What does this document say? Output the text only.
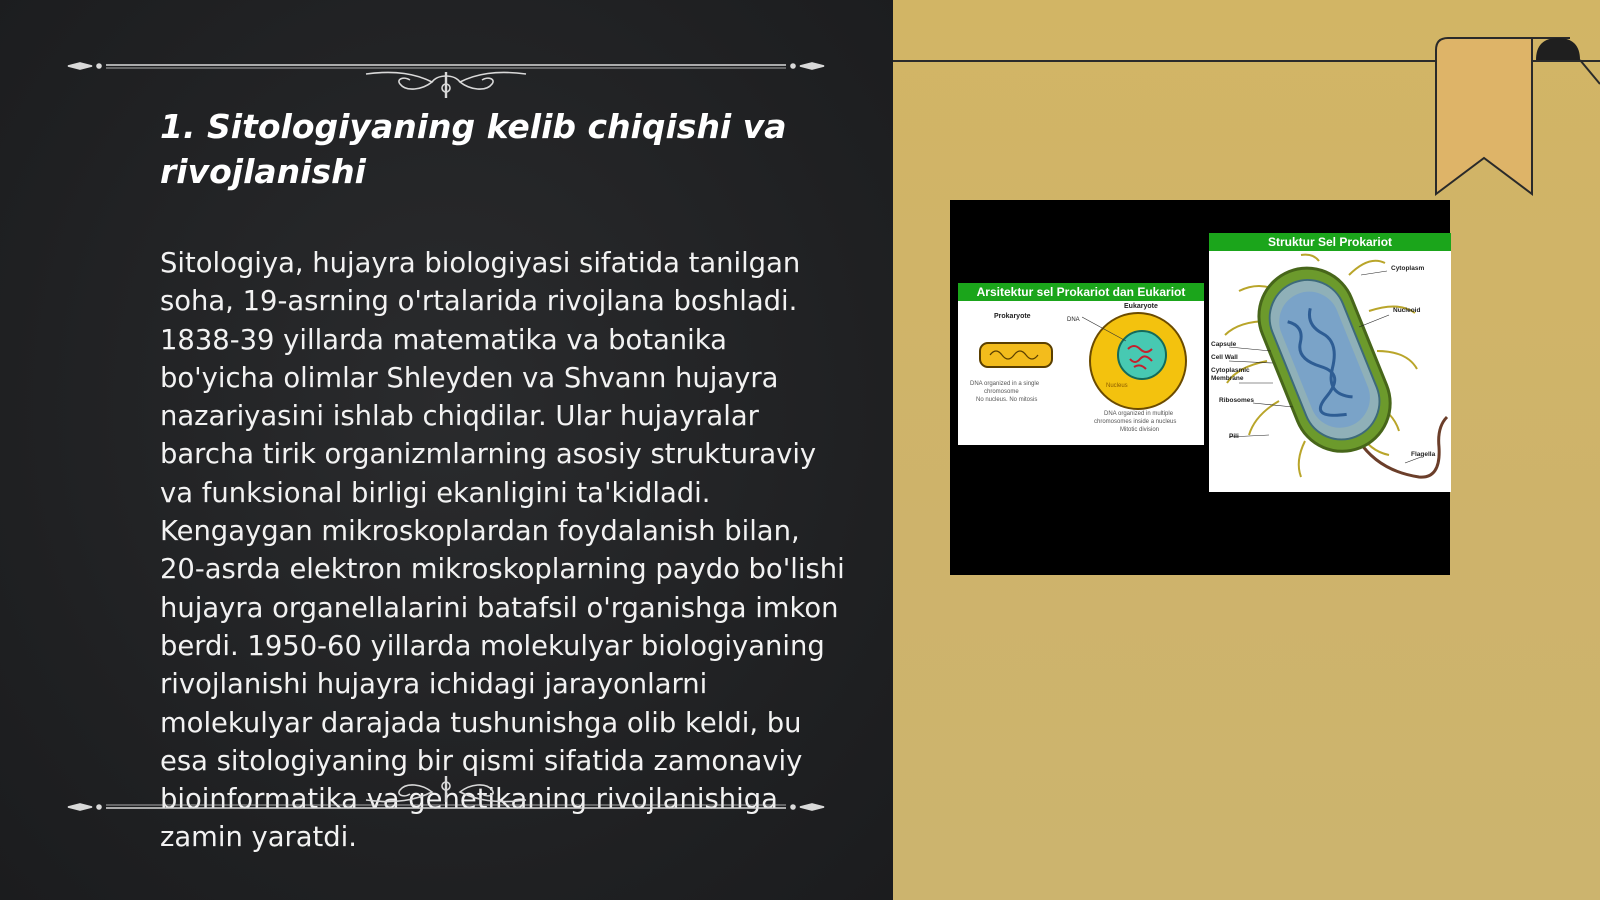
1. Sitologiyaning kelib chiqishi va rivojlanishi

Sitologiya, hujayra biologiyasi sifatida tanilgan soha, 19-asrning o'rtalarida rivojlana boshladi. 1838-39 yillarda matematika va botanika bo'yicha olimlar Shleyden va Shvann hujayra nazariyasini ishlab chiqdilar. Ular hujayralar barcha tirik organizmlarning asosiy strukturaviy va funksional birligi ekanligini ta'kidladi. Kengaygan mikroskoplardan foydalanish bilan, 20-asrda elektron mikroskoplarning paydo bo'lishi hujayra organellalarini batafsil o'rganishga imkon berdi. 1950-60 yillarda molekulyar biologiyaning rivojlanishi hujayra ichidagi jarayonlarni molekulyar darajada tushunishga olib keldi, bu esa sitologiyaning bir qismi sifatida zamonaviy bioinformatika va genetikaning rivojlanishiga zamin yaratdi.

Arsitektur sel Prokariot dan Eukariot
Prokaryote
Eukaryote
DNA
Nucleus
DNA organized in a single
chromosome
No nucleus. No mitosis
DNA organized in multiple
chromosomes inside a nucleus
Mitotic division
Struktur Sel Prokariot
Cytoplasm
Nucleoid
Capsule
Cell Wall
Cytoplasmic
Membrane
Ribosomes
Pili
Flagella
